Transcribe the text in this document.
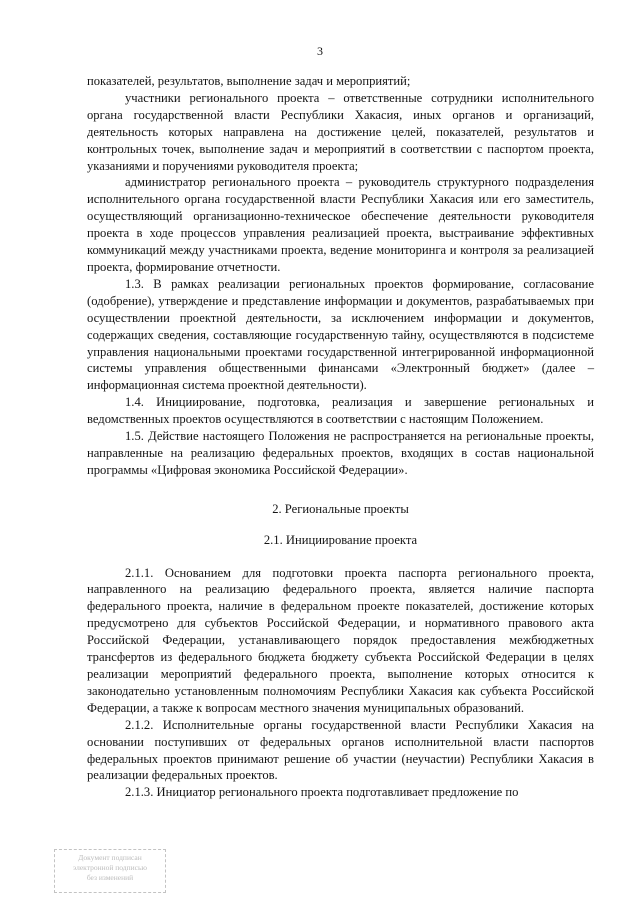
3

показателей, результатов, выполнение задач и мероприятий;

участники регионального проекта – ответственные сотрудники исполнительного органа государственной власти Республики Хакасия, иных органов и организаций, деятельность которых направлена на достижение целей, показателей, результатов и контрольных точек, выполнение задач и мероприятий в соответствии с паспортом проекта, указаниями и поручениями руководителя проекта;

администратор регионального проекта – руководитель структурного подразделения исполнительного органа государственной власти Республики Хакасия или его заместитель, осуществляющий организационно-техническое обеспечение деятельности руководителя проекта в ходе процессов управления реализацией проекта, выстраивание эффективных коммуникаций между участниками проекта, ведение мониторинга и контроля за реализацией проекта, формирование отчетности.

1.3. В рамках реализации региональных проектов формирование, согласование (одобрение), утверждение и представление информации и документов, разрабатываемых при осуществлении проектной деятельности, за исключением информации и документов, содержащих сведения, составляющие государственную тайну, осуществляются в подсистеме управления национальными проектами государственной интегрированной информационной системы управления общественными финансами «Электронный бюджет» (далее – информационная система проектной деятельности).

1.4. Инициирование, подготовка, реализация и завершение региональных и ведомственных проектов осуществляются в соответствии с настоящим Положением.

1.5. Действие настоящего Положения не распространяется на региональные проекты, направленные на реализацию федеральных проектов, входящих в состав национальной программы «Цифровая экономика Российской Федерации».

2. Региональные проекты
2.1. Инициирование проекта

2.1.1. Основанием для подготовки проекта паспорта регионального проекта, направленного на реализацию федерального проекта, является наличие паспорта федерального проекта, наличие в федеральном проекте показателей, достижение которых предусмотрено для субъектов Российской Федерации, и нормативного правового акта Российской Федерации, устанавливающего порядок предоставления межбюджетных трансфертов из федерального бюджета бюджету субъекта Российской Федерации в целях реализации мероприятий федерального проекта, выполнение которых относится к законодательно установленным полномочиям Республики Хакасия как субъекта Российской Федерации, а также к вопросам местного значения муниципальных образований.

2.1.2. Исполнительные органы государственной власти Республики Хакасия на основании поступивших от федеральных органов исполнительной власти паспортов федеральных проектов принимают решение об участии (неучастии) Республики Хакасия в реализации федеральных проектов.

2.1.3. Инициатор регионального проекта подготавливает предложение по

Документ подписан
электронной подписью
без изменений
